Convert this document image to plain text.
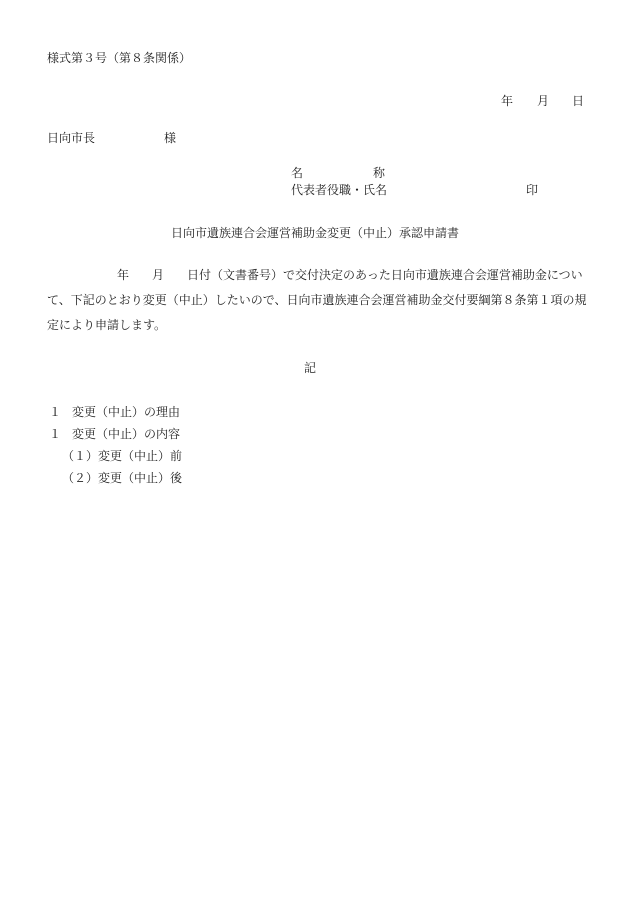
様式第３号（第８条関係）
年 月 日
日向市長	様
名	称
代表者役職・氏名	印
日向市遺族連合会運営補助金変更（中止）承認申請書
年 月 日付（文書番号）で交付決定のあった日向市遺族連合会運営補助金につい
て、下記のとおり変更（中止）したいので、日向市遺族連合会運営補助金交付要綱第８条第１項の規
定により申請します。
記
１ 変更（中止）の理由
１ 変更（中止）の内容
（１）変更（中止）前
（２）変更（中止）後
